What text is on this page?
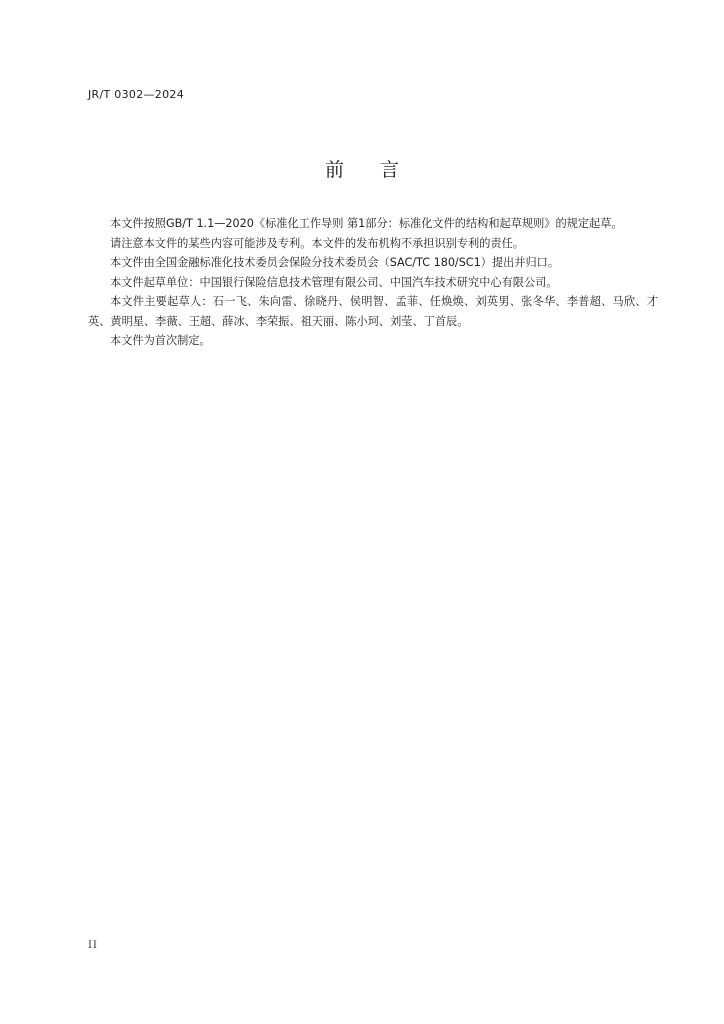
JR/T 0302—2024
前言

本文件按照GB/T 1.1—2020《标准化工作导则 第1部分：标准化文件的结构和起草规则》的规定起草。

请注意本文件的某些内容可能涉及专利。本文件的发布机构不承担识别专利的责任。

本文件由全国金融标准化技术委员会保险分技术委员会（SAC/TC 180/SC1）提出并归口。

本文件起草单位：中国银行保险信息技术管理有限公司、中国汽车技术研究中心有限公司。

本文件主要起草人：石一飞、朱向雷、徐晓丹、侯明智、孟菲、任焕焕、刘英男、张冬华、李普超、马欣、才英、黄明星、李薇、王超、薛冰、李荣振、祖天丽、陈小珂、刘莹、丁首辰。

本文件为首次制定。

II
